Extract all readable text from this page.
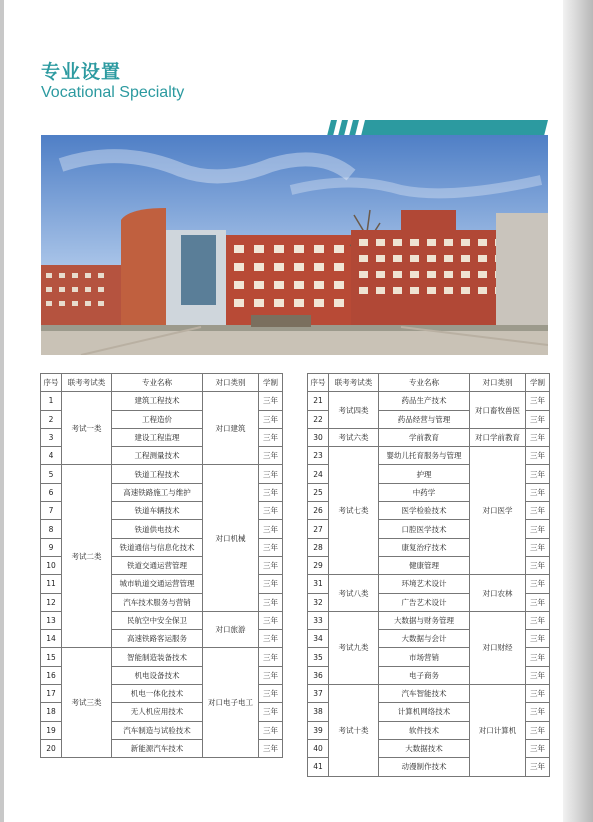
专业设置
Vocational Specialty
序号	联考考试类	专业名称	对口类别	学制
1	考试一类	建筑工程技术	对口建筑	三年
2		工程造价		三年
3		建设工程监理		三年
4		工程测量技术		三年
5	考试二类	铁道工程技术	对口机械	三年
6		高速铁路施工与维护		三年
7		铁道车辆技术		三年
8		铁道供电技术		三年
9		铁道通信与信息化技术		三年
10		铁道交通运营管理		三年
11		城市轨道交通运营管理		三年
12		汽车技术服务与营销		三年
13		民航空中安全保卫	对口旅游	三年
14		高速铁路客运服务		三年
15	考试三类	智能制造装备技术	对口电子电工	三年
16		机电设备技术		三年
17		机电一体化技术		三年
18		无人机应用技术		三年
19		汽车制造与试验技术		三年
20		新能源汽车技术		三年
序号	联考考试类	专业名称	对口类别	学制
21	考试四类	药品生产技术	对口畜牧兽医	三年
22		药品经营与管理		三年
30	考试六类	学前教育	对口学前教育	三年
23	考试七类	婴幼儿托育服务与管理	对口医学	三年
24		护理		三年
25		中药学		三年
26		医学检验技术		三年
27		口腔医学技术		三年
28		康复治疗技术		三年
29		健康管理		三年
31	考试八类	环境艺术设计	对口农林	三年
32		广告艺术设计		三年
33	考试九类	大数据与财务管理	对口财经	三年
34		大数据与会计		三年
35		市场营销		三年
36		电子商务		三年
37	考试十类	汽车智能技术	对口计算机	三年
38		计算机网络技术		三年
39		软件技术		三年
40		大数据技术		三年
41		动漫制作技术		三年
